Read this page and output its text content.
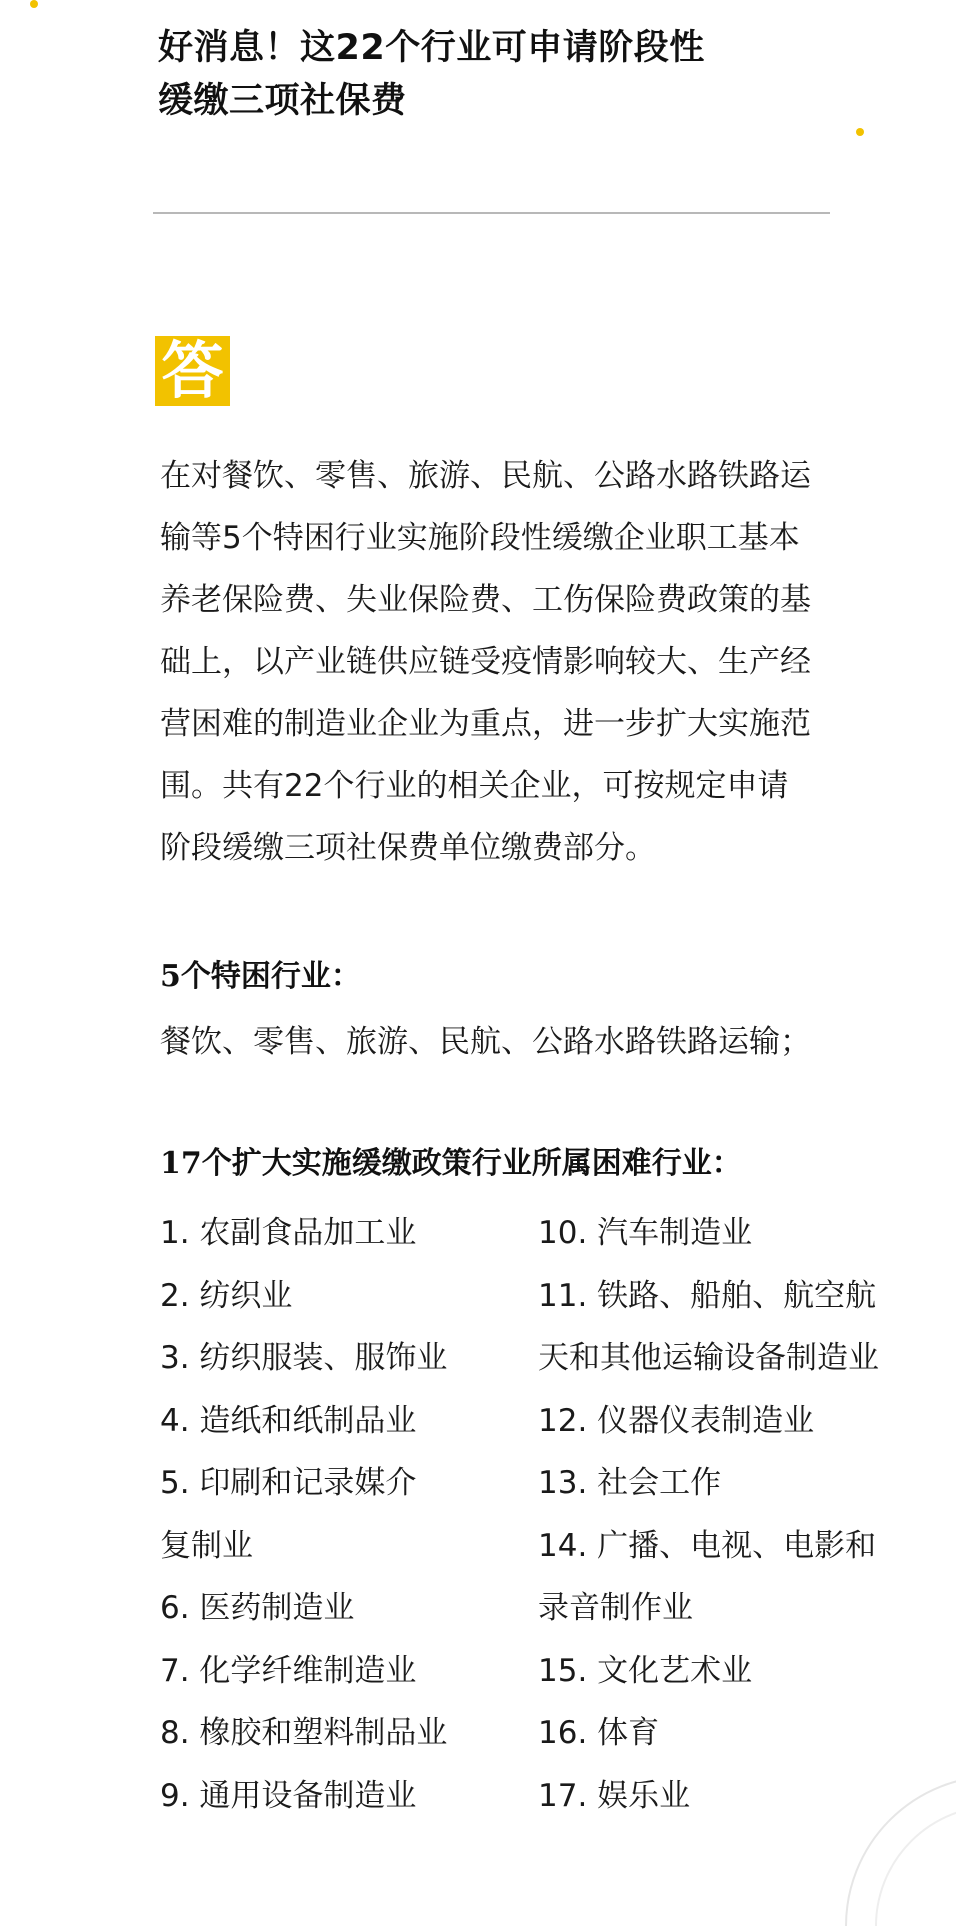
好消息！这22个行业可申请阶段性
缓缴三项社保费
答
在对餐饮、零售、旅游、民航、公路水路铁路运
输等5个特困行业实施阶段性缓缴企业职工基本
养老保险费、失业保险费、工伤保险费政策的基
础上，以产业链供应链受疫情影响较大、生产经
营困难的制造业企业为重点，进一步扩大实施范
围。共有22个行业的相关企业，可按规定申请
阶段缓缴三项社保费单位缴费部分。
5个特困行业：
餐饮、零售、旅游、民航、公路水路铁路运输；
17个扩大实施缓缴政策行业所属困难行业：
1. 农副食品加工业
2. 纺织业
3. 纺织服装、服饰业
4. 造纸和纸制品业
5. 印刷和记录媒介
复制业
6. 医药制造业
7. 化学纤维制造业
8. 橡胶和塑料制品业
9. 通用设备制造业
10. 汽车制造业
11. 铁路、船舶、航空航
天和其他运输设备制造业
12. 仪器仪表制造业
13. 社会工作
14. 广播、电视、电影和
录音制作业
15. 文化艺术业
16. 体育
17. 娱乐业
